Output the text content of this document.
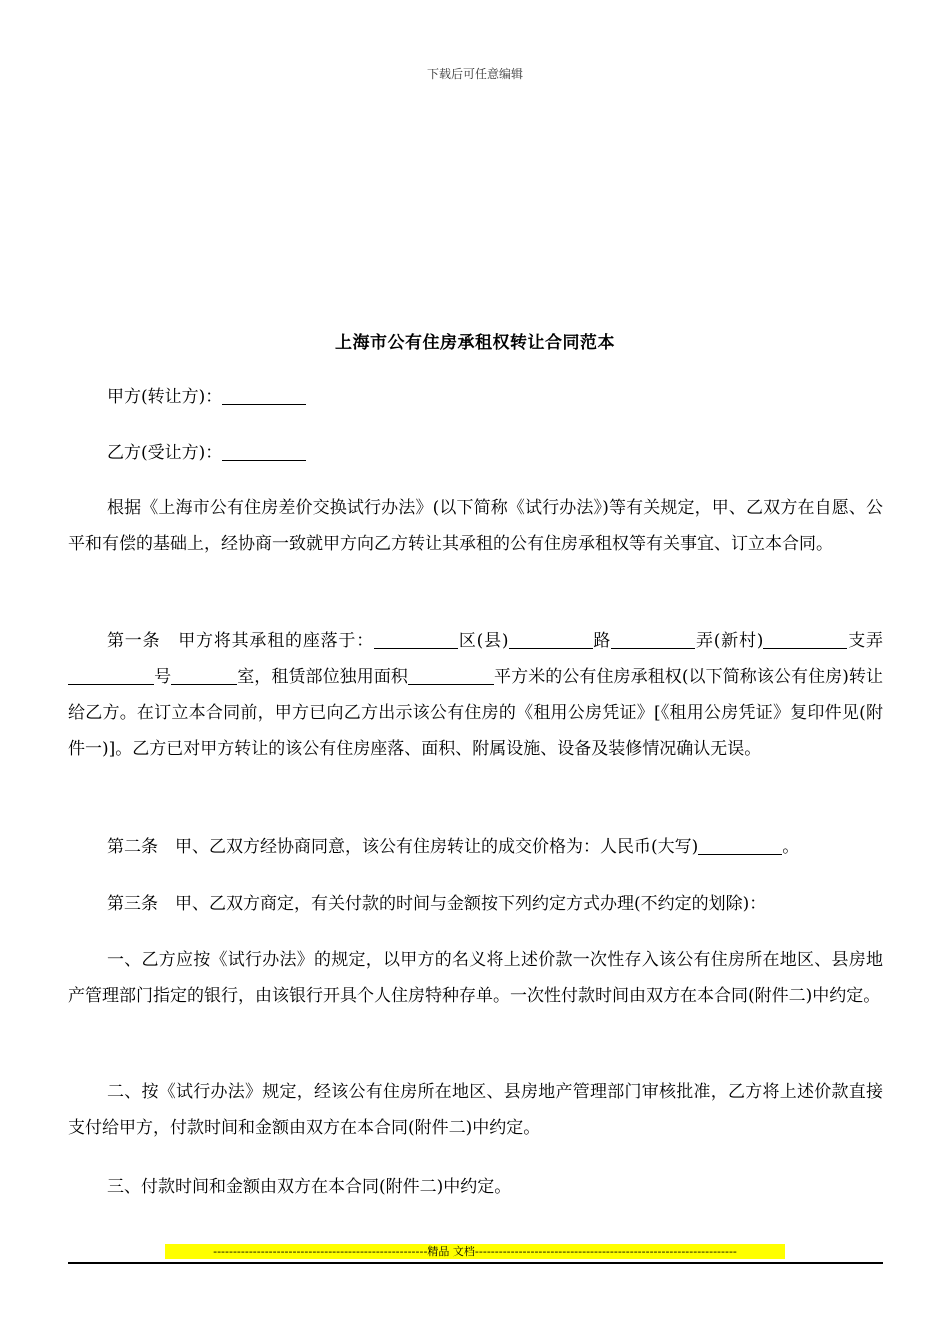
下载后可任意编辑
上海市公有住房承租权转让合同范本
甲方(转让方)：
乙方(受让方)：
根据《上海市公有住房差价交换试行办法》(以下简称《试行办法》)等有关规定，甲、乙双方在自愿、公平和有偿的基础上，经协商一致就甲方向乙方转让其承租的公有住房承租权等有关事宜、订立本合同。
第一条　甲方将其承租的座落于：	区(县)	路	弄(新村)	支弄号	室，租赁部位独用面积	平方米的公有住房承租权(以下简称该公有住房)转让给乙方。在订立本合同前，甲方已向乙方出示该公有住房的《租用公房凭证》[《租用公房凭证》复印件见(附件一)]。乙方已对甲方转让的该公有住房座落、面积、附属设施、设备及装修情况确认无误。
第二条　甲、乙双方经协商同意，该公有住房转让的成交价格为：人民币(大写)	。
第三条　甲、乙双方商定，有关付款的时间与金额按下列约定方式办理(不约定的划除)：
一、乙方应按《试行办法》的规定，以甲方的名义将上述价款一次性存入该公有住房所在地区、县房地产管理部门指定的银行，由该银行开具个人住房特种存单。一次性付款时间由双方在本合同(附件二)中约定。
二、按《试行办法》规定，经该公有住房所在地区、县房地产管理部门审核批准，乙方将上述价款直接支付给甲方，付款时间和金额由双方在本合同(附件二)中约定。
三、付款时间和金额由双方在本合同(附件二)中约定。
------------------------------------------------------精品 文档------------------------------------------------------------------
